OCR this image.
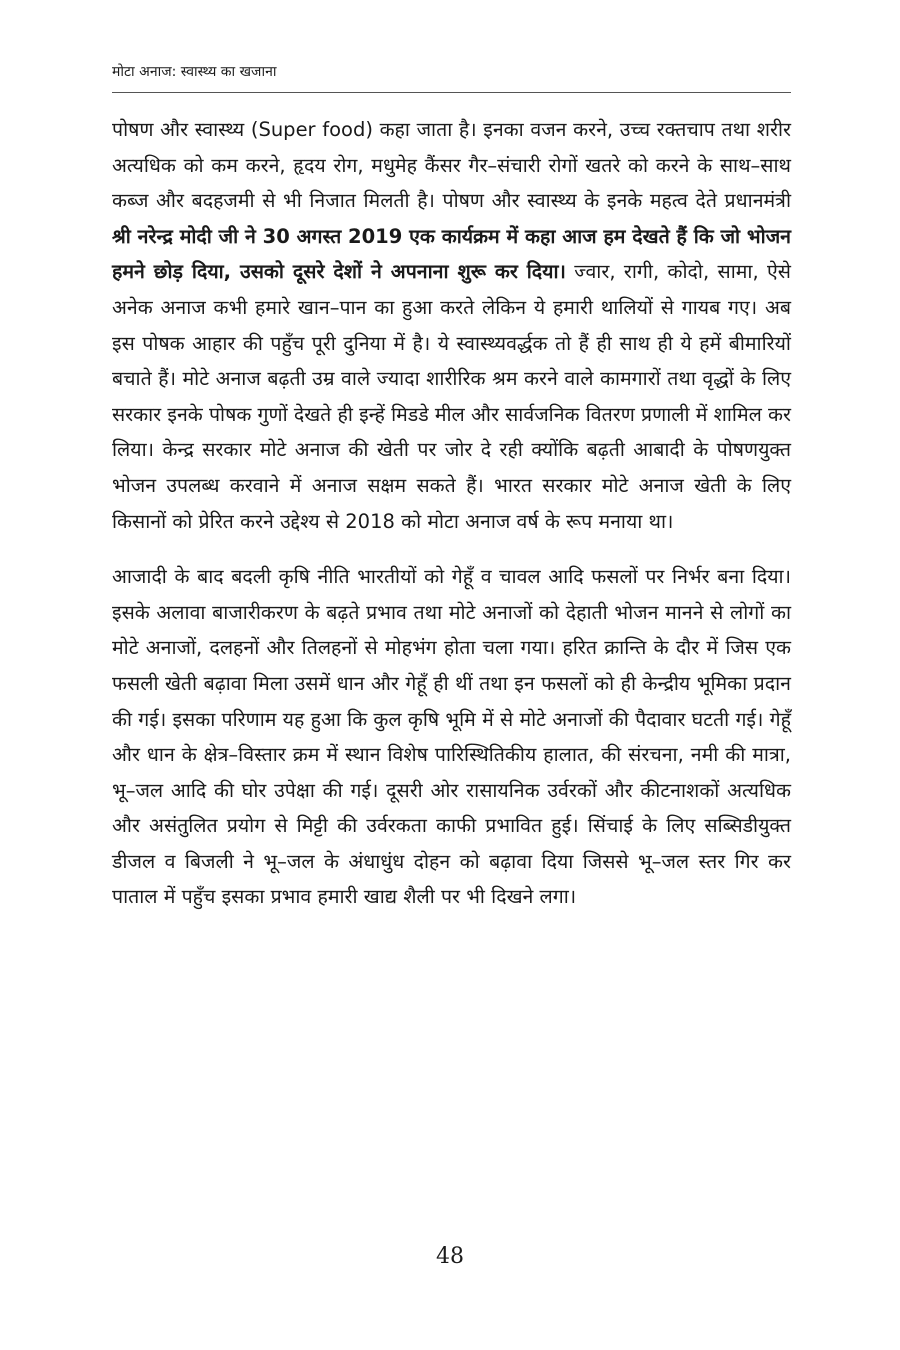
मोटा अनाज: स्वास्थ्य का खजाना

पोषण और स्वास्थ्य (Super food) कहा जाता है। इनका वजन करने, उच्च रक्तचाप तथा शरीर अत्यधिक को कम करने, हृदय रोग, मधुमेह कैंसर गैर–संचारी रोगों खतरे को करने के साथ–साथ कब्ज और बदहजमी से भी निजात मिलती है। पोषण और स्वास्थ्य के इनके महत्व देते प्रधानमंत्री श्री नरेन्द्र मोदी जी ने 30 अगस्त 2019 एक कार्यक्रम में कहा आज हम देखते हैं कि जो भोजन हमने छोड़ दिया, उसको दूसरे देशों ने अपनाना शुरू कर दिया। ज्वार, रागी, कोदो, सामा, ऐसे अनेक अनाज कभी हमारे खान–पान का हुआ करते लेकिन ये हमारी थालियों से गायब गए। अब इस पोषक आहार की पहुँच पूरी दुनिया में है। ये स्वास्थ्यवर्द्धक तो हैं ही साथ ही ये हमें बीमारियों बचाते हैं। मोटे अनाज बढ़ती उम्र वाले ज्यादा शारीरिक श्रम करने वाले कामगारों तथा वृद्धों के लिए सरकार इनके पोषक गुणों देखते ही इन्हें मिडडे मील और सार्वजनिक वितरण प्रणाली में शामिल कर लिया। केन्द्र सरकार मोटे अनाज की खेती पर जोर दे रही क्योंकि बढ़ती आबादी के पोषणयुक्त भोजन उपलब्ध करवाने में अनाज सक्षम सकते हैं। भारत सरकार मोटे अनाज खेती के लिए किसानों को प्रेरित करने उद्देश्य से 2018 को मोटा अनाज वर्ष के रूप मनाया था।

आजादी के बाद बदली कृषि नीति भारतीयों को गेहूँ व चावल आदि फसलों पर निर्भर बना दिया। इसके अलावा बाजारीकरण के बढ़ते प्रभाव तथा मोटे अनाजों को देहाती भोजन मानने से लोगों का मोटे अनाजों, दलहनों और तिलहनों से मोहभंग होता चला गया। हरित क्रान्ति के दौर में जिस एक फसली खेती बढ़ावा मिला उसमें धान और गेहूँ ही थीं तथा इन फसलों को ही केन्द्रीय भूमिका प्रदान की गई। इसका परिणाम यह हुआ कि कुल कृषि भूमि में से मोटे अनाजों की पैदावार घटती गई। गेहूँ और धान के क्षेत्र–विस्तार क्रम में स्थान विशेष पारिस्थितिकीय हालात, की संरचना, नमी की मात्रा, भू–जल आदि की घोर उपेक्षा की गई। दूसरी ओर रासायनिक उर्वरकों और कीटनाशकों अत्यधिक और असंतुलित प्रयोग से मिट्टी की उर्वरकता काफी प्रभावित हुई। सिंचाई के लिए सब्सिडीयुक्त डीजल व बिजली ने भू–जल के अंधाधुंध दोहन को बढ़ावा दिया जिससे भू–जल स्तर गिर कर पाताल में पहुँच इसका प्रभाव हमारी खाद्य शैली पर भी दिखने लगा।

48
